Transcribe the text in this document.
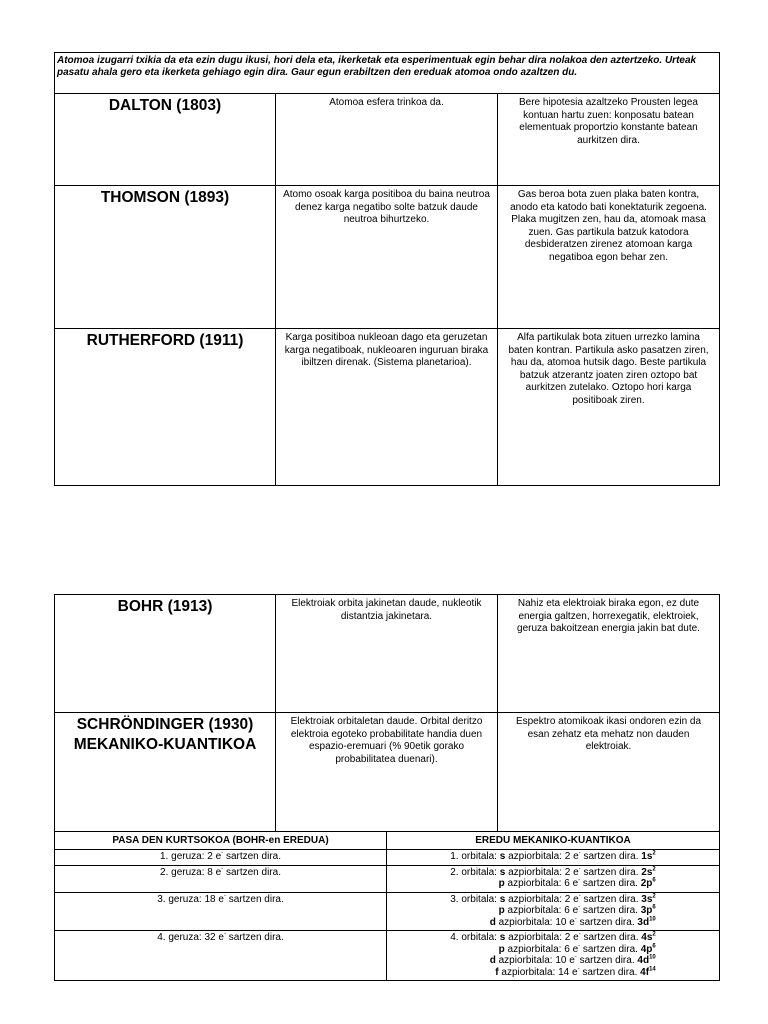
Atomoa izugarri txikia da eta ezin dugu ikusi, hori dela eta, ikerketak eta esperimentuak egin behar dira nolakoa den aztertzeko. Urteak pasatu ahala gero eta ikerketa gehiago egin dira. Gaur egun erabiltzen den ereduak atomoa ondo azaltzen du.		
DALTON (1803)	Atomoa esfera trinkoa da.	Bere hipotesia azaltzeko Prousten legea kontuan hartu zuen: konposatu batean elementuak proportzio konstante batean aurkitzen dira.
THOMSON (1893)	Atomo osoak karga positiboa du baina neutroa denez karga negatibo solte batzuk daude neutroa bihurtzeko.	Gas beroa bota zuen plaka baten kontra, anodo eta katodo bati konektaturik zegoena. Plaka mugitzen zen, hau da, atomoak masa zuen. Gas partikula batzuk katodora desbideratzen zirenez atomoan karga negatiboa egon behar zen.
RUTHERFORD (1911)	Karga positiboa nukleoan dago eta geruzetan karga negatiboak, nukleoaren inguruan biraka ibiltzen direnak. (Sistema planetarioa).	Alfa partikulak bota zituen urrezko lamina baten kontran. Partikula asko pasatzen ziren, hau da, atomoa hutsik dago. Beste partikula batzuk atzerantz joaten ziren oztopo bat aurkitzen zutelako. Oztopo hori karga positiboak ziren.
BOHR (1913)	Elektroiak orbita jakinetan daude, nukleotik distantzia jakinetara.		Nahiz eta elektroiak biraka egon, ez dute energia galtzen, horrexegatik, elektroiek, geruza bakoitzean energia jakin bat dute.
SCHRÖNDINGER (1930) MEKANIKO-KUANTIKOA	Elektroiak orbitaletan daude. Orbital deritzo elektroia egoteko probabilitate handia duen espazio-eremuari (% 90etik gorako probabilitatea duenari).		Espektro atomikoak ikasi ondoren ezin da esan zehatz eta mehatz non dauden elektroiak.
PASA DEN KURTSOKOA (BOHR-en EREDUA)		EREDU MEKANIKO-KUANTIKOA	
1. geruza: 2 e- sartzen dira.		1. orbitala: s azpiorbitala: 2 e- sartzen dira. $1s^2$

2. geruza: 8 e- sartzen dira.		2. orbitala: s azpiorbitala: 2 e- sartzen dira. $2s^2$
p azpiorbitala: 6 e- sartzen dira. $2p^6$

3. geruza: 18 e- sartzen dira.		3. orbitala: s azpiorbitala: 2 e- sartzen dira. $3s^2$
p azpiorbitala: 6 e- sartzen dira. $3p^6$
d azpiorbitala: 10 e- sartzen dira. $3d^{10}$

4. geruza: 32 e- sartzen dira.		4. orbitala: s azpiorbitala: 2 e- sartzen dira. $4s^2$
p azpiorbitala: 6 e- sartzen dira. $4p^6$
d azpiorbitala: 10 e- sartzen dira. $4d^{10}$
f azpiorbitala: 14 e- sartzen dira. $4f^{14}$
